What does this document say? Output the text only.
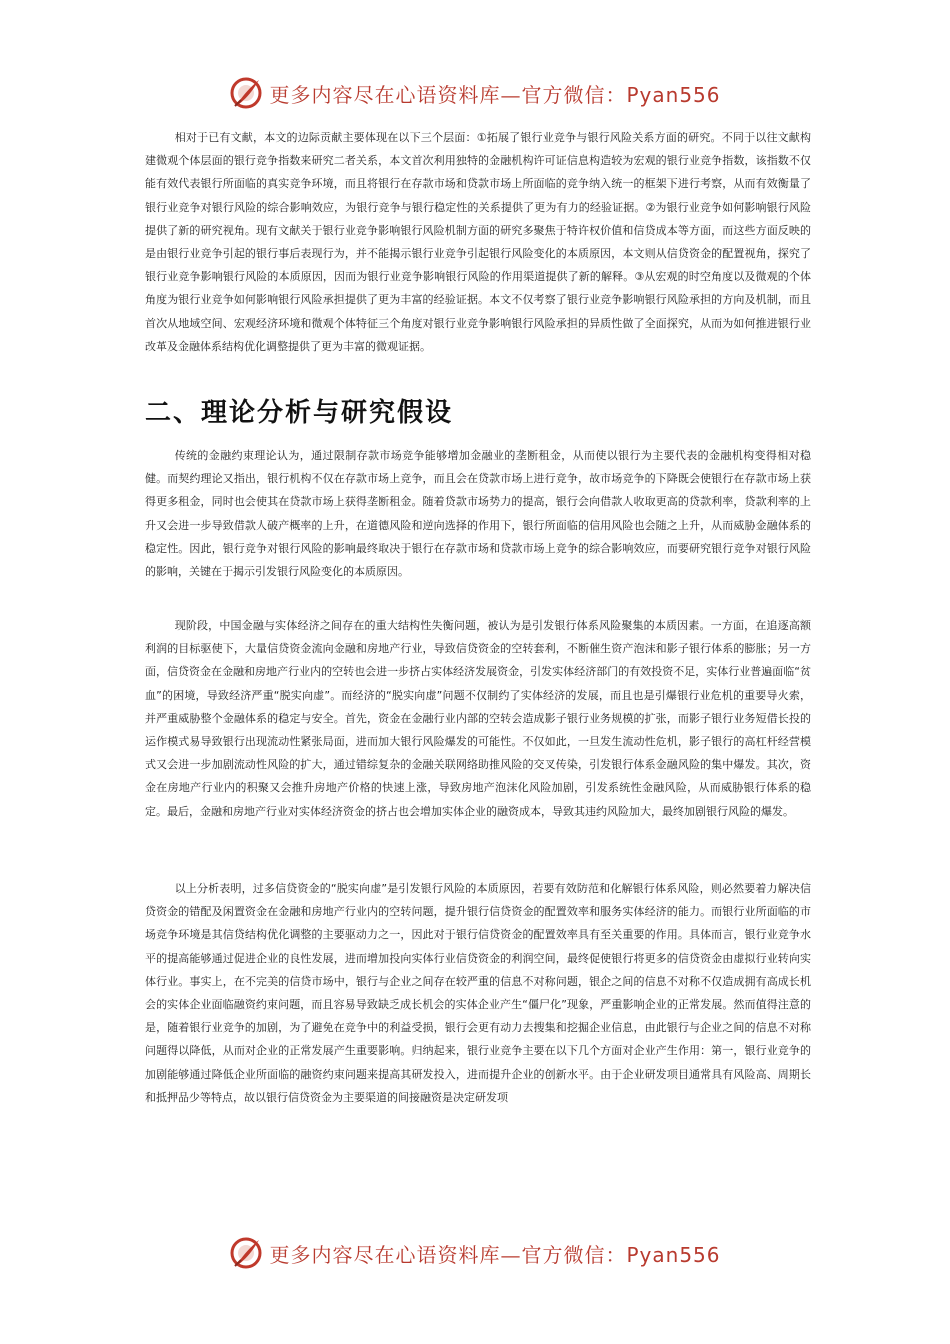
更多内容尽在心语资料库—官方微信：Pyan556

相对于已有文献，本文的边际贡献主要体现在以下三个层面：①拓展了银行业竞争与银行风险关系方面的研究。不同于以往文献构建微观个体层面的银行竞争指数来研究二者关系，本文首次利用独特的金融机构许可证信息构造较为宏观的银行业竞争指数，该指数不仅能有效代表银行所面临的真实竞争环境，而且将银行在存款市场和贷款市场上所面临的竞争纳入统一的框架下进行考察，从而有效衡量了银行业竞争对银行风险的综合影响效应，为银行竞争与银行稳定性的关系提供了更为有力的经验证据。②为银行业竞争如何影响银行风险提供了新的研究视角。现有文献关于银行业竞争影响银行风险机制方面的研究多聚焦于特许权价值和信贷成本等方面，而这些方面反映的是由银行业竞争引起的银行事后表现行为，并不能揭示银行业竞争引起银行风险变化的本质原因，本文则从信贷资金的配置视角，探究了银行业竞争影响银行风险的本质原因，因而为银行业竞争影响银行风险的作用渠道提供了新的解释。③从宏观的时空角度以及微观的个体角度为银行业竞争如何影响银行风险承担提供了更为丰富的经验证据。本文不仅考察了银行业竞争影响银行风险承担的方向及机制，而且首次从地域空间、宏观经济环境和微观个体特征三个角度对银行业竞争影响银行风险承担的异质性做了全面探究，从而为如何推进银行业改革及金融体系结构优化调整提供了更为丰富的微观证据。

二、理论分析与研究假设

传统的金融约束理论认为，通过限制存款市场竞争能够增加金融业的垄断租金，从而使以银行为主要代表的金融机构变得相对稳健。而契约理论又指出，银行机构不仅在存款市场上竞争，而且会在贷款市场上进行竞争，故市场竞争的下降既会使银行在存款市场上获得更多租金，同时也会使其在贷款市场上获得垄断租金。随着贷款市场势力的提高，银行会向借款人收取更高的贷款利率，贷款利率的上升又会进一步导致借款人破产概率的上升，在道德风险和逆向选择的作用下，银行所面临的信用风险也会随之上升，从而威胁金融体系的稳定性。因此，银行竞争对银行风险的影响最终取决于银行在存款市场和贷款市场上竞争的综合影响效应，而要研究银行竞争对银行风险的影响，关键在于揭示引发银行风险变化的本质原因。

现阶段，中国金融与实体经济之间存在的重大结构性失衡问题，被认为是引发银行体系风险聚集的本质因素。一方面，在追逐高额利润的目标驱使下，大量信贷资金流向金融和房地产行业，导致信贷资金的空转套利，不断催生资产泡沫和影子银行体系的膨胀；另一方面，信贷资金在金融和房地产行业内的空转也会进一步挤占实体经济发展资金，引发实体经济部门的有效投资不足，实体行业普遍面临“贫血”的困境，导致经济严重“脱实向虚”。而经济的“脱实向虚”问题不仅制约了实体经济的发展，而且也是引爆银行业危机的重要导火索，并严重威胁整个金融体系的稳定与安全。首先，资金在金融行业内部的空转会造成影子银行业务规模的扩张，而影子银行业务短借长投的运作模式易导致银行出现流动性紧张局面，进而加大银行风险爆发的可能性。不仅如此，一旦发生流动性危机，影子银行的高杠杆经营模式又会进一步加剧流动性风险的扩大，通过错综复杂的金融关联网络助推风险的交叉传染，引发银行体系金融风险的集中爆发。其次，资金在房地产行业内的积聚又会推升房地产价格的快速上涨，导致房地产泡沫化风险加剧，引发系统性金融风险，从而威胁银行体系的稳定。最后，金融和房地产行业对实体经济资金的挤占也会增加实体企业的融资成本，导致其违约风险加大，最终加剧银行风险的爆发。

以上分析表明，过多信贷资金的“脱实向虚”是引发银行风险的本质原因，若要有效防范和化解银行体系风险，则必然要着力解决信贷资金的错配及闲置资金在金融和房地产行业内的空转问题，提升银行信贷资金的配置效率和服务实体经济的能力。而银行业所面临的市场竞争环境是其信贷结构优化调整的主要驱动力之一，因此对于银行信贷资金的配置效率具有至关重要的作用。具体而言，银行业竞争水平的提高能够通过促进企业的良性发展，进而增加投向实体行业信贷资金的利润空间，最终促使银行将更多的信贷资金由虚拟行业转向实体行业。事实上，在不完美的信贷市场中，银行与企业之间存在较严重的信息不对称问题，银企之间的信息不对称不仅造成拥有高成长机会的实体企业面临融资约束问题，而且容易导致缺乏成长机会的实体企业产生“僵尸化”现象，严重影响企业的正常发展。然而值得注意的是，随着银行业竞争的加剧，为了避免在竞争中的利益受损，银行会更有动力去搜集和挖掘企业信息，由此银行与企业之间的信息不对称问题得以降低，从而对企业的正常发展产生重要影响。归纳起来，银行业竞争主要在以下几个方面对企业产生作用：第一，银行业竞争的加剧能够通过降低企业所面临的融资约束问题来提高其研发投入，进而提升企业的创新水平。由于企业研发项目通常具有风险高、周期长和抵押品少等特点，故以银行信贷资金为主要渠道的间接融资是决定研发项

更多内容尽在心语资料库—官方微信：Pyan556
